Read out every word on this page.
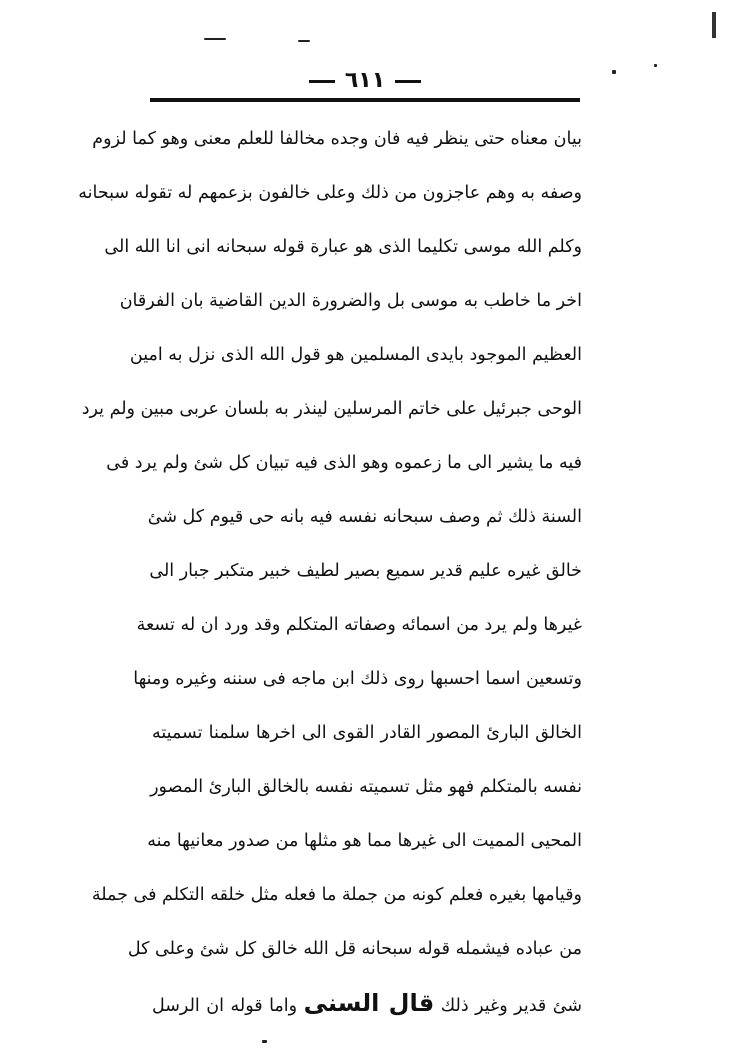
٦١١
بيان معناه حتى ينظر فيه فان وجده مخالفا للعلم معنى وهو كما لزوم
وصفه به وهم عاجزون من ذلك وعلى خالفون بزعمهم له تقوله سبحانه
وكلم الله موسى تكليما الذى هو عبارة قوله سبحانه انى انا الله الى
اخر ما خاطب به موسى بل والضرورة الدين القاضية بان الفرقان
العظيم الموجود بايدى المسلمين هو قول الله الذى نزل به امين
الوحى جبرئيل على خاتم المرسلين لينذر به بلسان عربى مبين ولم يرد
فيه ما يشير الى ما زعموه وهو الذى فيه تبيان كل شئ ولم يرد فى
السنة ذلك ثم وصف سبحانه نفسه فيه بانه حى قيوم كل شئ
خالق غيره عليم قدير سميع بصير لطيف خبير متكبر جبار الى
غيرها ولم يرد من اسمائه وصفاته المتكلم وقد ورد ان له تسعة
وتسعين اسما احسبها روى ذلك ابن ماجه فى سننه وغيره ومنها
الخالق البارئ المصور القادر القوى الى اخرها سلمنا تسميته
نفسه بالمتكلم فهو مثل تسميته نفسه بالخالق البارئ المصور
المحيى المميت الى غيرها مما هو مثلها من صدور معانيها منه
وقيامها بغيره فعلم كونه من جملة ما فعله مثل خلقه التكلم فى جملة
من عباده فيشمله قوله سبحانه قل الله خالق كل شئ وعلى كل
شئ قدير وغير ذلك قال السنى واما قوله ان الرسل
